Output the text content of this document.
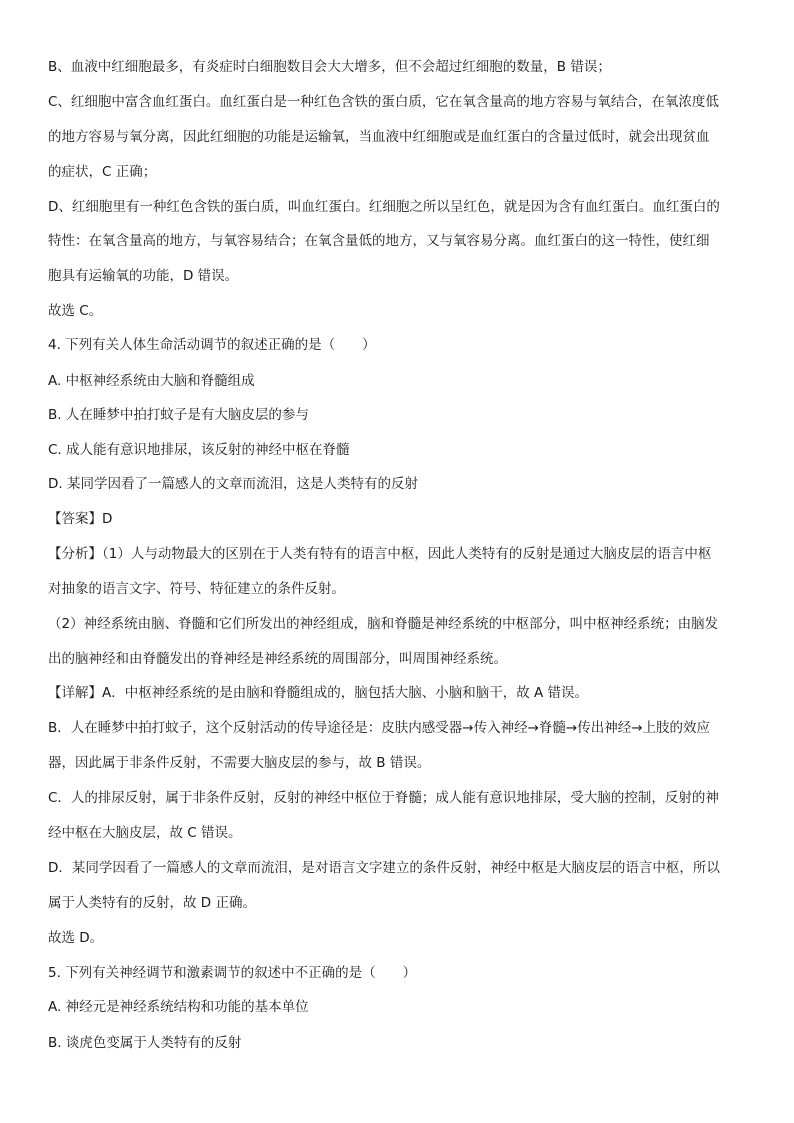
B、血液中红细胞最多，有炎症时白细胞数目会大大增多，但不会超过红细胞的数量，B 错误；
C、红细胞中富含血红蛋白。血红蛋白是一种红色含铁的蛋白质，它在氧含量高的地方容易与氧结合，在氧浓度低
的地方容易与氧分离，因此红细胞的功能是运输氧，当血液中红细胞或是血红蛋白的含量过低时，就会出现贫血
的症状，C 正确；
D、红细胞里有一种红色含铁的蛋白质，叫血红蛋白。红细胞之所以呈红色，就是因为含有血红蛋白。血红蛋白的
特性：在氧含量高的地方，与氧容易结合；在氧含量低的地方，又与氧容易分离。血红蛋白的这一特性，使红细
胞具有运输氧的功能，D 错误。
故选 C。
4. 下列有关人体生命活动调节的叙述正确的是（　　）
A. 中枢神经系统由大脑和脊髓组成
B. 人在睡梦中拍打蚊子是有大脑皮层的参与
C. 成人能有意识地排尿，该反射的神经中枢在脊髓
D. 某同学因看了一篇感人的文章而流泪，这是人类特有的反射
【答案】D
【分析】（1）人与动物最大的区别在于人类有特有的语言中枢，因此人类特有的反射是通过大脑皮层的语言中枢
对抽象的语言文字、符号、特征建立的条件反射。
（2）神经系统由脑、脊髓和它们所发出的神经组成，脑和脊髓是神经系统的中枢部分，叫中枢神经系统；由脑发
出的脑神经和由脊髓发出的脊神经是神经系统的周围部分，叫周围神经系统。
【详解】A．中枢神经系统的是由脑和脊髓组成的，脑包括大脑、小脑和脑干，故 A 错误。
B．人在睡梦中拍打蚊子，这个反射活动的传导途径是：皮肤内感受器→传入神经→脊髓→传出神经→上肢的效应
器，因此属于非条件反射，不需要大脑皮层的参与，故 B 错误。
C．人的排尿反射，属于非条件反射，反射的神经中枢位于脊髓；成人能有意识地排尿，受大脑的控制，反射的神
经中枢在大脑皮层，故 C 错误。
D．某同学因看了一篇感人的文章而流泪，是对语言文字建立的条件反射，神经中枢是大脑皮层的语言中枢，所以
属于人类特有的反射，故 D 正确。
故选 D。
5. 下列有关神经调节和激素调节的叙述中不正确的是（　　）
A. 神经元是神经系统结构和功能的基本单位
B. 谈虎色变属于人类特有的反射
